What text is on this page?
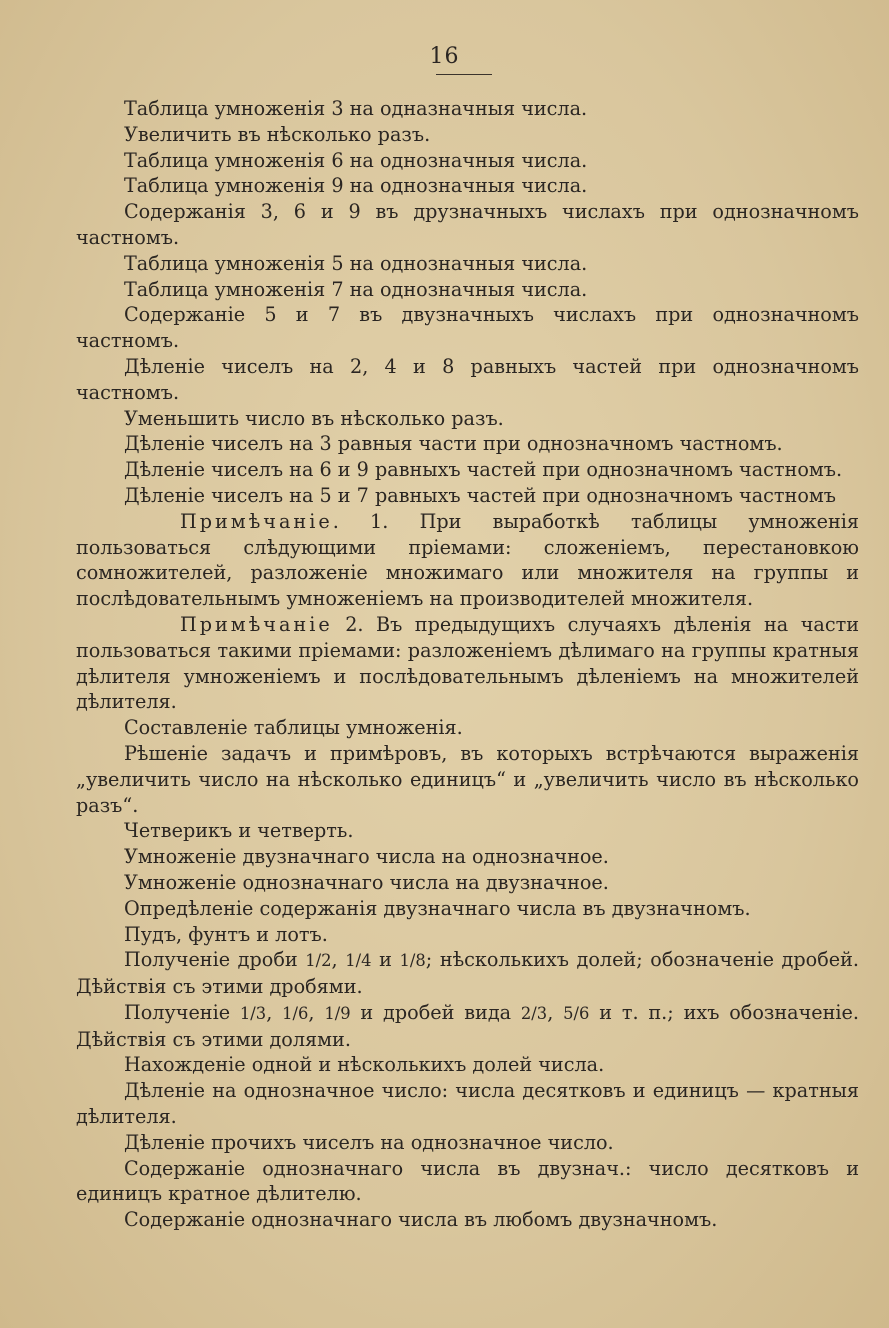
16

Таблица умноженія 3 на одназначныя числа.

Увеличить въ нѣсколько разъ.

Таблица умноженія 6 на однозначныя числа.

Таблица умноженія 9 на однозначныя числа.

Содержанія 3, 6 и 9 въ друзначныхъ числахъ при однозначномъ частномъ.

Таблица умноженія 5 на однозначныя числа.

Таблица умноженія 7 на однозначныя числа.

Содержаніе 5 и 7 въ двузначныхъ числахъ при однозначномъ частномъ.

Дѣленіе чиселъ на 2, 4 и 8 равныхъ частей при однозначномъ частномъ.

Уменьшить число въ нѣсколько разъ.

Дѣленіе чиселъ на 3 равныя части при однозначномъ частномъ.

Дѣленіе чиселъ на 6 и 9 равныхъ частей при однозначномъ частномъ.

Дѣленіе чиселъ на 5 и 7 равныхъ частей при однозначномъ частномъ

Примѣчаніе. 1. При выработкѣ таблицы умноженія пользоваться слѣдующими пріемами: сложеніемъ, перестановкою сомножителей, разложеніе множимаго или множителя на группы и послѣдовательнымъ умноженіемъ на производителей множителя.

Примѣчаніе 2. Въ предыдущихъ случаяхъ дѣленія на части пользоваться такими пріемами: разложеніемъ дѣлимаго на группы кратныя дѣлителя умноженіемъ и послѣдовательнымъ дѣленіемъ на множителей дѣлителя.

Составленіе таблицы умноженія.

Рѣшеніе задачъ и примѣровъ, въ которыхъ встрѣчаются выраженія „увеличить число на нѣсколько единицъ“ и „увеличить число въ нѣсколько разъ“.

Четверикъ и четверть.

Умноженіе двузначнаго числа на однозначное.

Умноженіе однозначнаго числа на двузначное.

Опредѣленіе содержанія двузначнаго числа въ двузначномъ.

Пудъ, фунтъ и лотъ.

Полученіе дроби 1/2, 1/4 и 1/8; нѣсколькихъ долей; обозначеніе дробей. Дѣйствія съ этими дробями.

Полученіе 1/3, 1/6, 1/9 и дробей вида 2/3, 5/6 и т. п.; ихъ обозначеніе. Дѣйствія съ этими долями.

Нахожденіе одной и нѣсколькихъ долей числа.

Дѣленіе на однозначное число: числа десятковъ и единицъ — кратныя дѣлителя.

Дѣленіе прочихъ чиселъ на однозначное число.

Содержаніе однозначнаго числа въ двузнач.: число десятковъ и единицъ кратное дѣлителю.

Содержаніе однозначнаго числа въ любомъ двузначномъ.
